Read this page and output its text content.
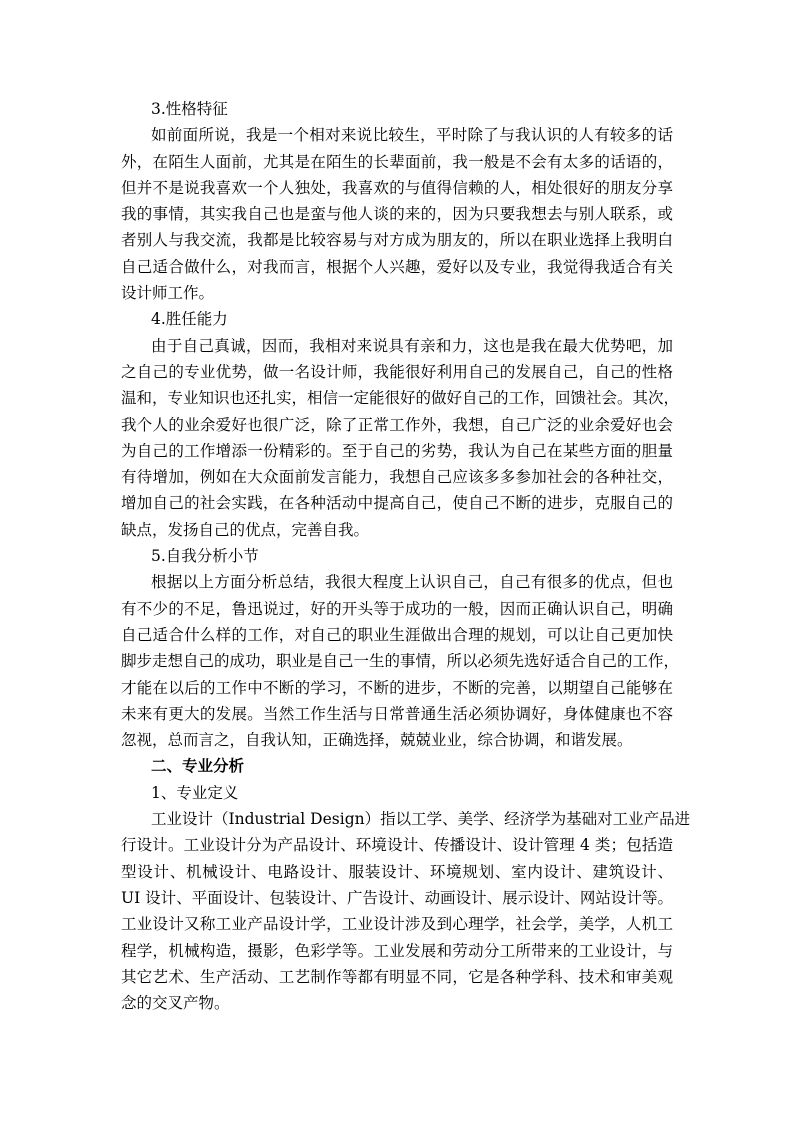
3.性格特征
如前面所说，我是一个相对来说比较生，平时除了与我认识的人有较多的话
外，在陌生人面前，尤其是在陌生的长辈面前，我一般是不会有太多的话语的，
但并不是说我喜欢一个人独处，我喜欢的与值得信赖的人，相处很好的朋友分享
我的事情，其实我自己也是蛮与他人谈的来的，因为只要我想去与别人联系，或
者别人与我交流，我都是比较容易与对方成为朋友的，所以在职业选择上我明白
自己适合做什么，对我而言，根据个人兴趣，爱好以及专业，我觉得我适合有关
设计师工作。
4.胜任能力
由于自己真诚，因而，我相对来说具有亲和力，这也是我在最大优势吧，加
之自己的专业优势，做一名设计师，我能很好利用自己的发展自己，自己的性格
温和，专业知识也还扎实，相信一定能很好的做好自己的工作，回馈社会。其次，
我个人的业余爱好也很广泛，除了正常工作外，我想，自己广泛的业余爱好也会
为自己的工作增添一份精彩的。至于自己的劣势，我认为自己在某些方面的胆量
有待增加，例如在大众面前发言能力，我想自己应该多多参加社会的各种社交，
增加自己的社会实践，在各种活动中提高自己，使自己不断的进步，克服自己的
缺点，发扬自己的优点，完善自我。
5.自我分析小节
根据以上方面分析总结，我很大程度上认识自己，自己有很多的优点，但也
有不少的不足，鲁迅说过，好的开头等于成功的一般，因而正确认识自己，明确
自己适合什么样的工作，对自己的职业生涯做出合理的规划，可以让自己更加快
脚步走想自己的成功，职业是自己一生的事情，所以必须先选好适合自己的工作，
才能在以后的工作中不断的学习，不断的进步，不断的完善，以期望自己能够在
未来有更大的发展。当然工作生活与日常普通生活必须协调好，身体健康也不容
忽视，总而言之，自我认知，正确选择，兢兢业业，综合协调，和谐发展。
二、专业分析
1、专业定义
工业设计（Industrial Design）指以工学、美学、经济学为基础对工业产品进
行设计。工业设计分为产品设计、环境设计、传播设计、设计管理 4 类；包括造
型设计、机械设计、电路设计、服装设计、环境规划、室内设计、建筑设计、
UI 设计、平面设计、包装设计、广告设计、动画设计、展示设计、网站设计等。
工业设计又称工业产品设计学，工业设计涉及到心理学，社会学，美学，人机工
程学，机械构造，摄影，色彩学等。工业发展和劳动分工所带来的工业设计，与
其它艺术、生产活动、工艺制作等都有明显不同，它是各种学科、技术和审美观
念的交叉产物。
